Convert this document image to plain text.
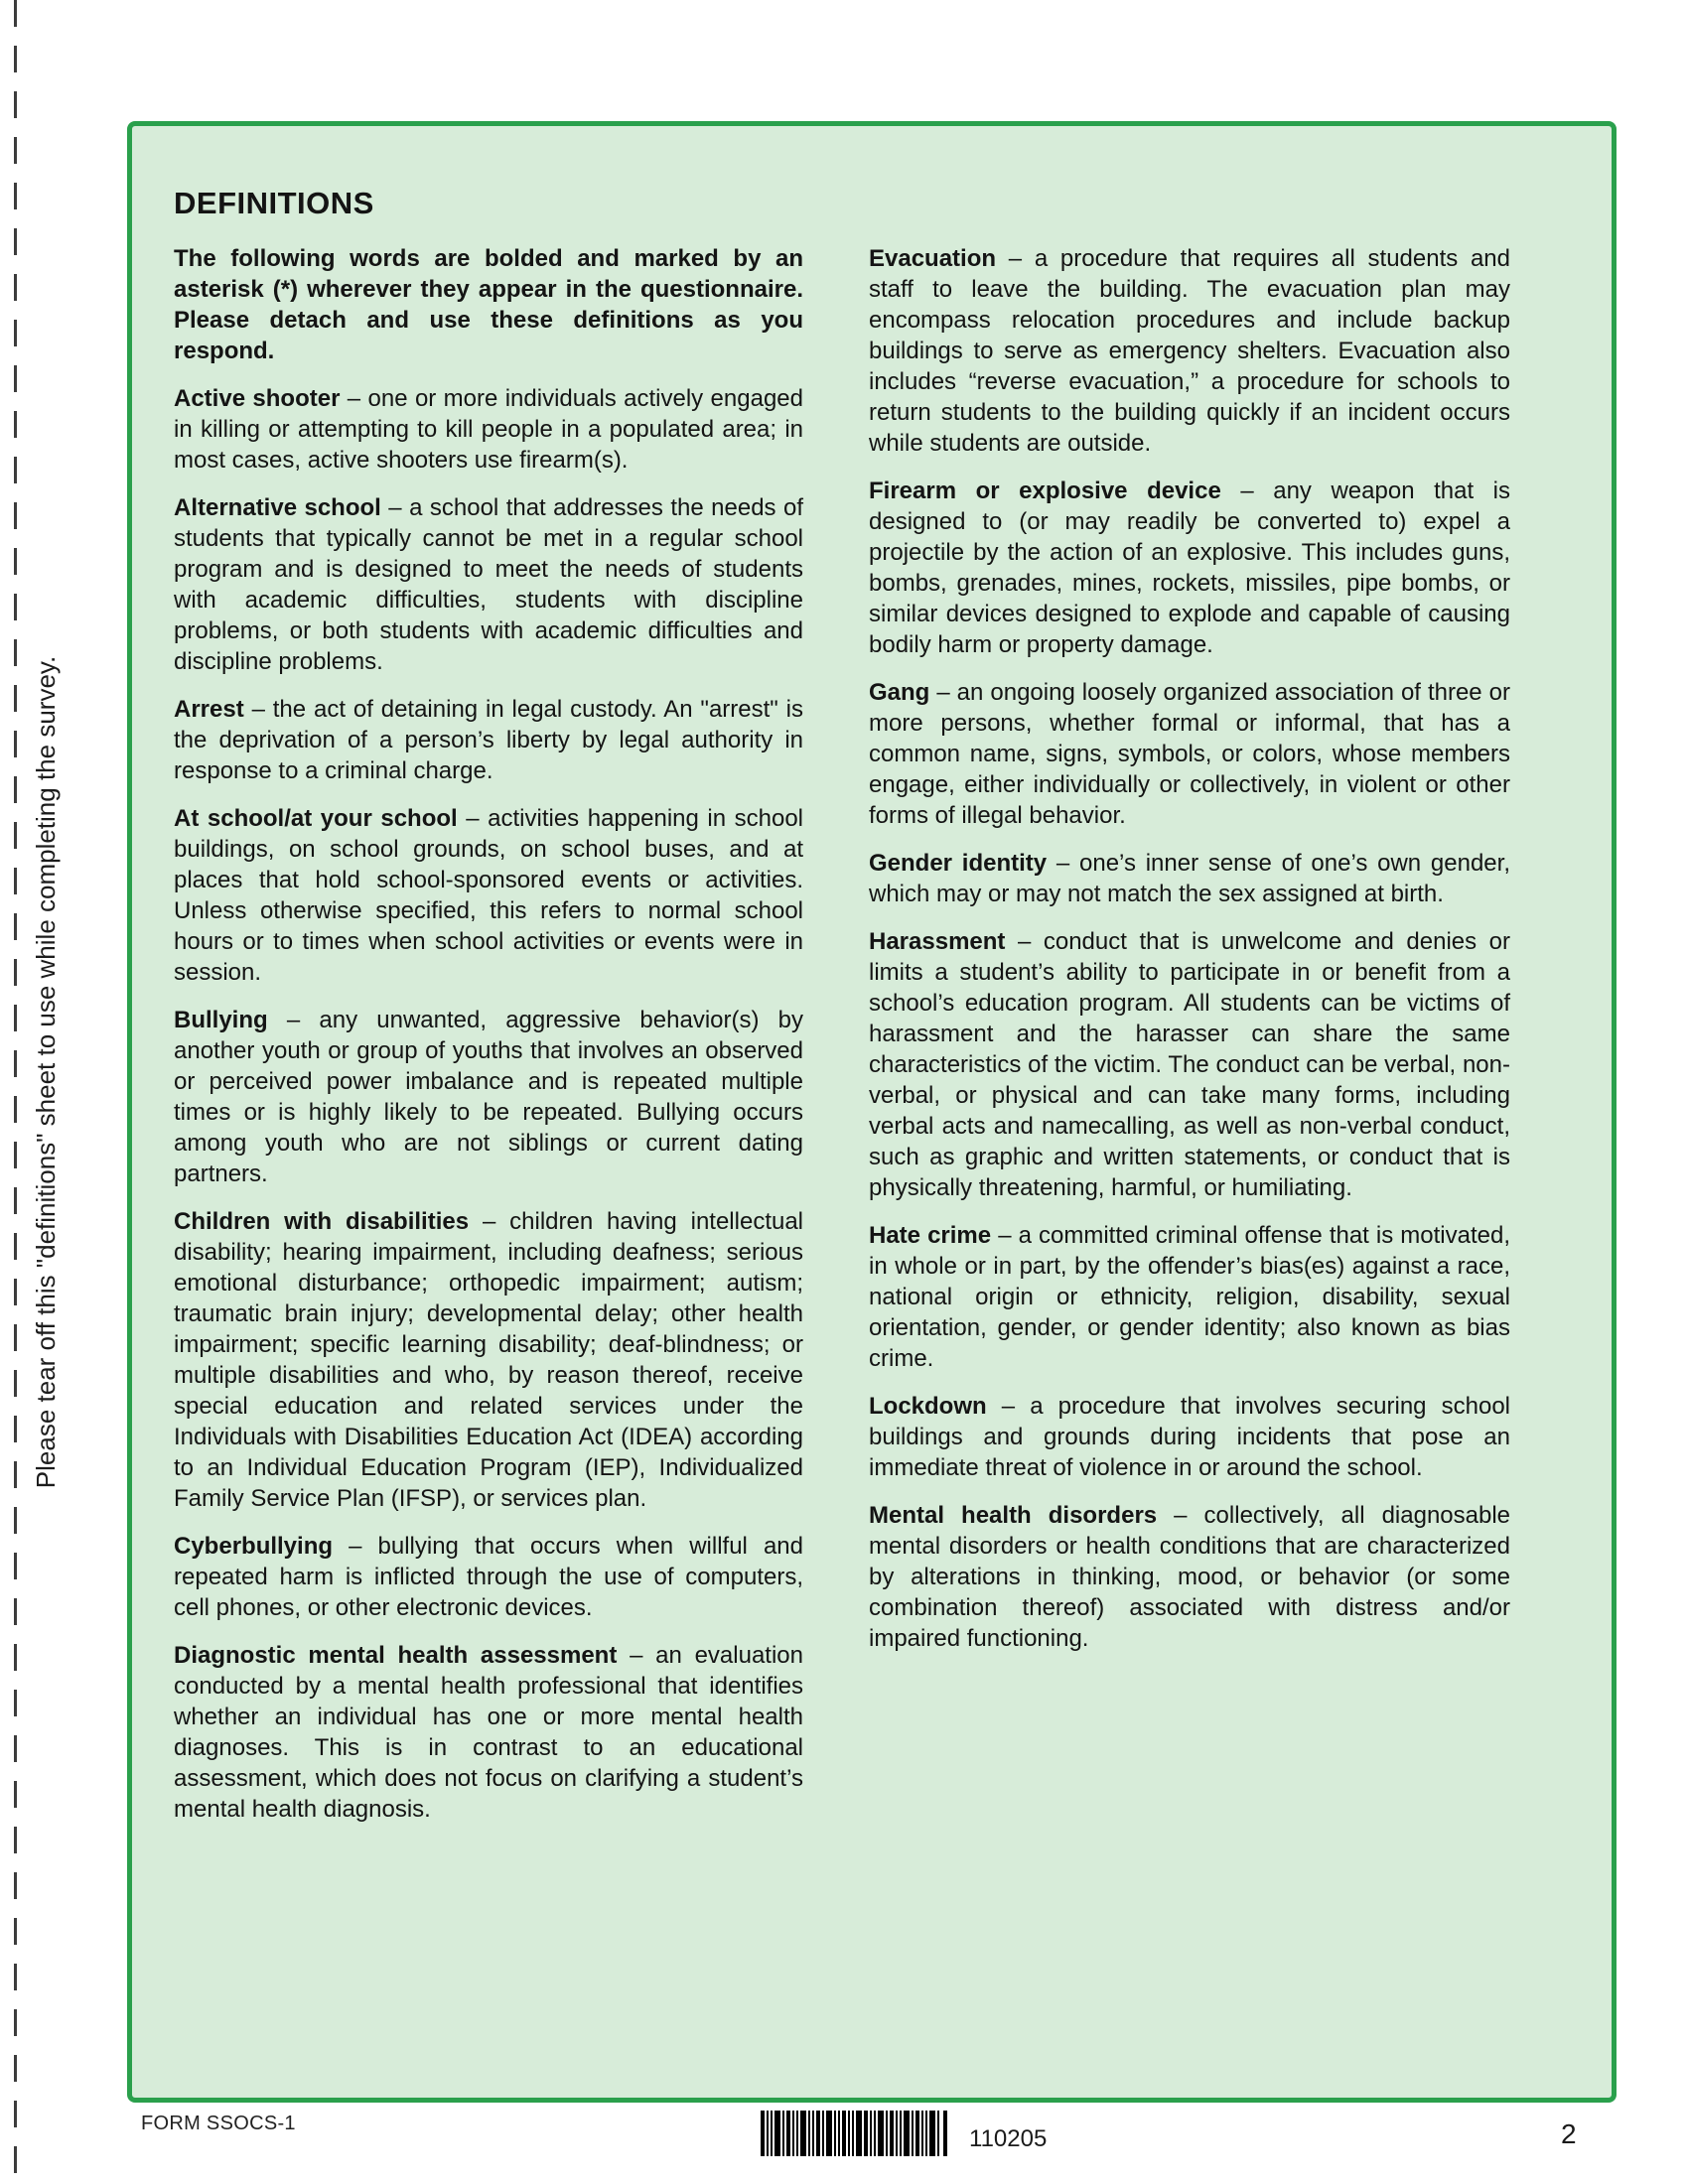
Please tear off this "definitions" sheet to use while completing the survey.
DEFINITIONS

The following words are bolded and marked by an asterisk (*) wherever they appear in the questionnaire. Please detach and use these definitions as you respond.

Active shooter – one or more individuals actively engaged in killing or attempting to kill people in a populated area; in most cases, active shooters use firearm(s).

Alternative school – a school that addresses the needs of students that typically cannot be met in a regular school program and is designed to meet the needs of students with academic difficulties, students with discipline problems, or both students with academic difficulties and discipline problems.

Arrest – the act of detaining in legal custody. An "arrest" is the deprivation of a person’s liberty by legal authority in response to a criminal charge.

At school/at your school – activities happening in school buildings, on school grounds, on school buses, and at places that hold school-sponsored events or activities. Unless otherwise specified, this refers to normal school hours or to times when school activities or events were in session.

Bullying – any unwanted, aggressive behavior(s) by another youth or group of youths that involves an observed or perceived power imbalance and is repeated multiple times or is highly likely to be repeated. Bullying occurs among youth who are not siblings or current dating partners.

Children with disabilities – children having intellectual disability; hearing impairment, including deafness; serious emotional disturbance; orthopedic impairment; autism; traumatic brain injury; developmental delay; other health impairment; specific learning disability; deaf-blindness; or multiple disabilities and who, by reason thereof, receive special education and related services under the Individuals with Disabilities Education Act (IDEA) according to an Individual Education Program (IEP), Individualized Family Service Plan (IFSP), or services plan.

Cyberbullying – bullying that occurs when willful and repeated harm is inflicted through the use of computers, cell phones, or other electronic devices.

Diagnostic mental health assessment – an evaluation conducted by a mental health professional that identifies whether an individual has one or more mental health diagnoses. This is in contrast to an educational assessment, which does not focus on clarifying a student’s mental health diagnosis.

Evacuation – a procedure that requires all students and staff to leave the building. The evacuation plan may encompass relocation procedures and include backup buildings to serve as emergency shelters. Evacuation also includes “reverse evacuation,” a procedure for schools to return students to the building quickly if an incident occurs while students are outside.

Firearm or explosive device – any weapon that is designed to (or may readily be converted to) expel a projectile by the action of an explosive. This includes guns, bombs, grenades, mines, rockets, missiles, pipe bombs, or similar devices designed to explode and capable of causing bodily harm or property damage.

Gang – an ongoing loosely organized association of three or more persons, whether formal or informal, that has a common name, signs, symbols, or colors, whose members engage, either individually or collectively, in violent or other forms of illegal behavior.

Gender identity – one’s inner sense of one’s own gender, which may or may not match the sex assigned at birth.

Harassment – conduct that is unwelcome and denies or limits a student’s ability to participate in or benefit from a school’s education program. All students can be victims of harassment and the harasser can share the same characteristics of the victim. The conduct can be verbal, non-verbal, or physical and can take many forms, including verbal acts and namecalling, as well as non-verbal conduct, such as graphic and written statements, or conduct that is physically threatening, harmful, or humiliating.

Hate crime – a committed criminal offense that is motivated, in whole or in part, by the offender’s bias(es) against a race, national origin or ethnicity, religion, disability, sexual orientation, gender, or gender identity; also known as bias crime.

Lockdown – a procedure that involves securing school buildings and grounds during incidents that pose an immediate threat of violence in or around the school.

Mental health disorders – collectively, all diagnosable mental disorders or health conditions that are characterized by alterations in thinking, mood, or behavior (or some combination thereof) associated with distress and/or impaired functioning.

FORM SSOCS-1
110205	2
